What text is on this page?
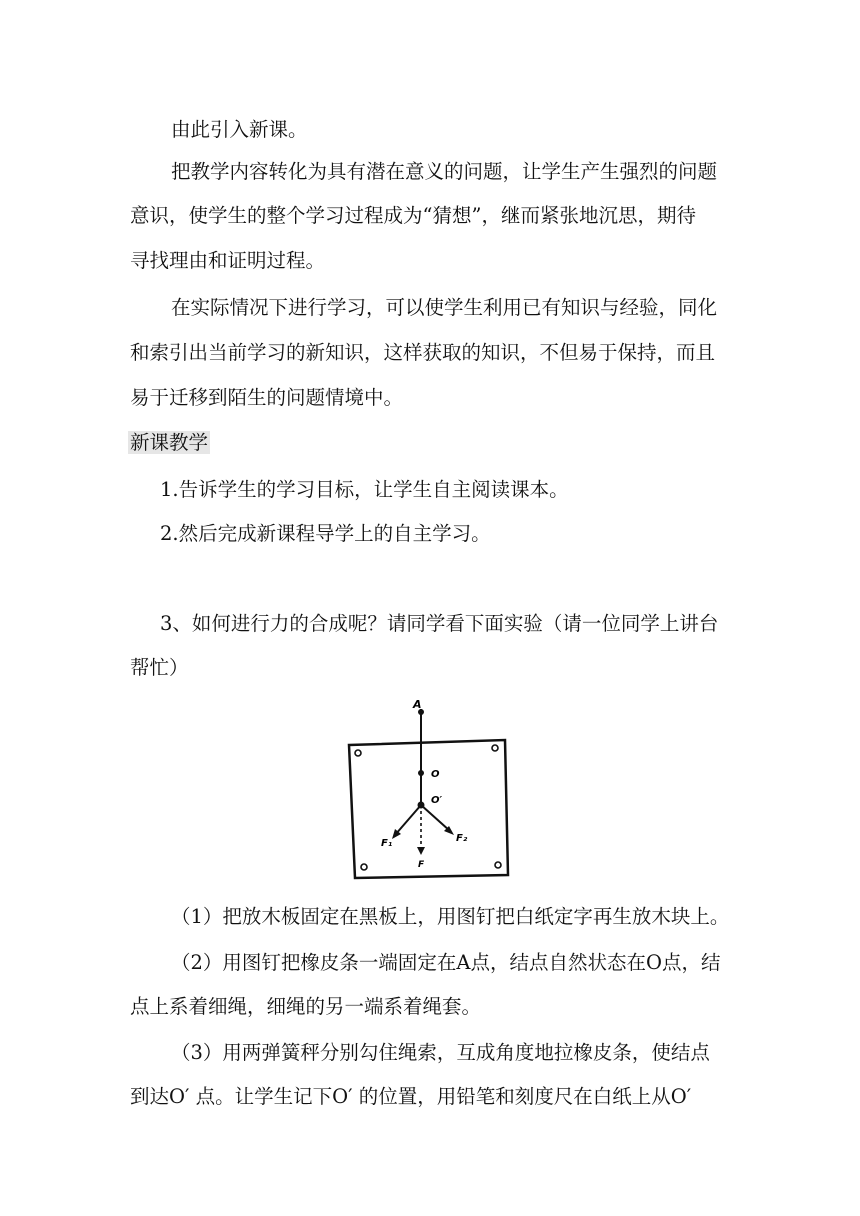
由此引入新课。
把教学内容转化为具有潜在意义的问题，让学生产生强烈的问题
意识，使学生的整个学习过程成为“猜想”，继而紧张地沉思，期待
寻找理由和证明过程。
在实际情况下进行学习，可以使学生利用已有知识与经验，同化
和索引出当前学习的新知识，这样获取的知识，不但易于保持，而且
易于迁移到陌生的问题情境中。
新课教学
1.告诉学生的学习目标，让学生自主阅读课本。
2.然后完成新课程导学上的自主学习。
3、如何进行力的合成呢？请同学看下面实验（请一位同学上讲台
帮忙）
A
O
O′
F₁	F₂
F
（1）把放木板固定在黑板上，用图钉把白纸定字再生放木块上。
（2）用图钉把橡皮条一端固定在A点，结点自然状态在O点，结
点上系着细绳，细绳的另一端系着绳套。
（3）用两弹簧秤分别勾住绳索，互成角度地拉橡皮条，使结点
到达O′ 点。让学生记下O′ 的位置，用铅笔和刻度尺在白纸上从O′
